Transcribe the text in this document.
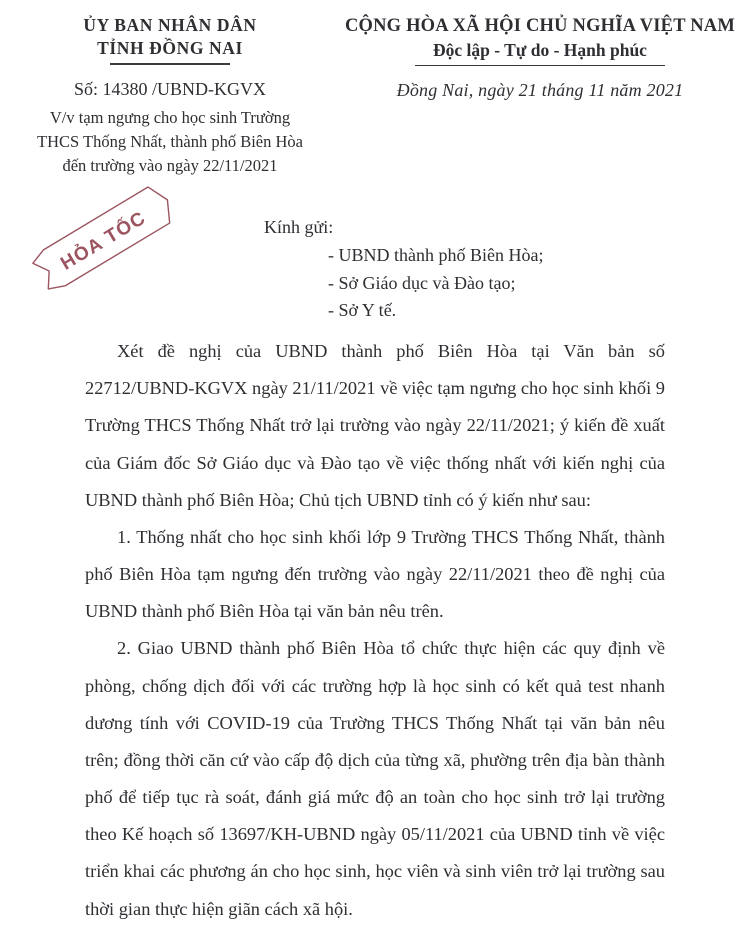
ỦY BAN NHÂN DÂN
TỈNH ĐỒNG NAI
Số: 14380 /UBND-KGVX
V/v tạm ngưng cho học sinh Trường
THCS Thống Nhất, thành phố Biên Hòa
đến trường vào ngày 22/11/2021
CỘNG HÒA XÃ HỘI CHỦ NGHĨA VIỆT NAM
Độc lập - Tự do - Hạnh phúc
Đồng Nai, ngày 21 tháng 11 năm 2021
HỎA TỐC	Kính gửi:
- UBND thành phố Biên Hòa;
- Sở Giáo dục và Đào tạo;
- Sở Y tế.

Xét đề nghị của UBND thành phố Biên Hòa tại Văn bản số 22712/UBND-KGVX ngày 21/11/2021 về việc tạm ngưng cho học sinh khối 9 Trường THCS Thống Nhất trở lại trường vào ngày 22/11/2021; ý kiến đề xuất của Giám đốc Sở Giáo dục và Đào tạo về việc thống nhất với kiến nghị của UBND thành phố Biên Hòa; Chủ tịch UBND tỉnh có ý kiến như sau:

1. Thống nhất cho học sinh khối lớp 9 Trường THCS Thống Nhất, thành phố Biên Hòa tạm ngưng đến trường vào ngày 22/11/2021 theo đề nghị của UBND thành phố Biên Hòa tại văn bản nêu trên.

2. Giao UBND thành phố Biên Hòa tổ chức thực hiện các quy định về phòng, chống dịch đối với các trường hợp là học sinh có kết quả test nhanh dương tính với COVID-19 của Trường THCS Thống Nhất tại văn bản nêu trên; đồng thời căn cứ vào cấp độ dịch của từng xã, phường trên địa bàn thành phố để tiếp tục rà soát, đánh giá mức độ an toàn cho học sinh trở lại trường theo Kế hoạch số 13697/KH-UBND ngày 05/11/2021 của UBND tỉnh về việc triển khai các phương án cho học sinh, học viên và sinh viên trở lại trường sau thời gian thực hiện giãn cách xã hội.
